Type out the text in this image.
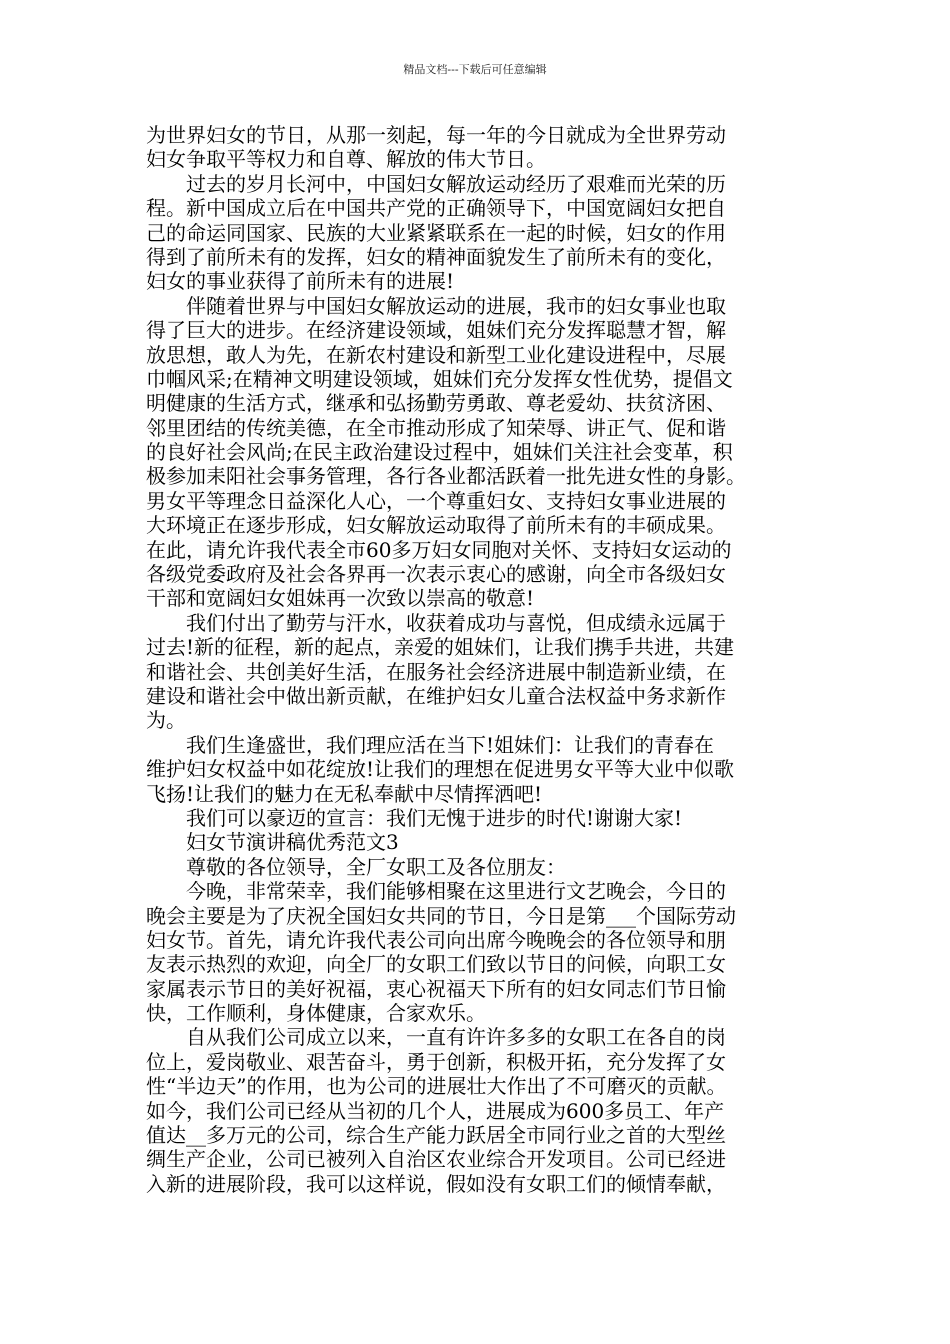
精品文档---下载后可任意编辑
为世界妇女的节日，从那一刻起，每一年的今日就成为全世界劳动
妇女争取平等权力和自尊、解放的伟大节日。
过去的岁月长河中，中国妇女解放运动经历了艰难而光荣的历
程。新中国成立后在中国共产党的正确领导下，中国宽阔妇女把自
己的命运同国家、民族的大业紧紧联系在一起的时候，妇女的作用
得到了前所未有的发挥，妇女的精神面貌发生了前所未有的变化，
妇女的事业获得了前所未有的进展!
伴随着世界与中国妇女解放运动的进展，我市的妇女事业也取
得了巨大的进步。在经济建设领域，姐妹们充分发挥聪慧才智，解
放思想，敢人为先，在新农村建设和新型工业化建设进程中，尽展
巾帼风采;在精神文明建设领域，姐妹们充分发挥女性优势，提倡文
明健康的生活方式，继承和弘扬勤劳勇敢、尊老爱幼、扶贫济困、
邻里团结的传统美德，在全市推动形成了知荣辱、讲正气、促和谐
的良好社会风尚;在民主政治建设过程中，姐妹们关注社会变革，积
极参加耒阳社会事务管理，各行各业都活跃着一批先进女性的身影。
男女平等理念日益深化人心，一个尊重妇女、支持妇女事业进展的
大环境正在逐步形成，妇女解放运动取得了前所未有的丰硕成果。
在此，请允许我代表全市60多万妇女同胞对关怀、支持妇女运动的
各级党委政府及社会各界再一次表示衷心的感谢，向全市各级妇女
干部和宽阔妇女姐妹再一次致以崇高的敬意!
我们付出了勤劳与汗水，收获着成功与喜悦，但成绩永远属于
过去!新的征程，新的起点，亲爱的姐妹们，让我们携手共进，共建
和谐社会、共创美好生活，在服务社会经济进展中制造新业绩，在
建设和谐社会中做出新贡献，在维护妇女儿童合法权益中务求新作
为。
我们生逢盛世，我们理应活在当下!姐妹们：让我们的青春在
维护妇女权益中如花绽放!让我们的理想在促进男女平等大业中似歌
飞扬!让我们的魅力在无私奉献中尽情挥洒吧!
我们可以豪迈的宣言：我们无愧于进步的时代!谢谢大家!
妇女节演讲稿优秀范文3
尊敬的各位领导，全厂女职工及各位朋友：
今晚，非常荣幸，我们能够相聚在这里进行文艺晚会，今日的
晚会主要是为了庆祝全国妇女共同的节日，今日是第___个国际劳动
妇女节。首先，请允许我代表公司向出席今晚晚会的各位领导和朋
友表示热烈的欢迎，向全厂的女职工们致以节日的问候，向职工女
家属表示节日的美好祝福，衷心祝福天下所有的妇女同志们节日愉
快，工作顺利，身体健康，合家欢乐。
自从我们公司成立以来，一直有许许多多的女职工在各自的岗
位上，爱岗敬业、艰苦奋斗，勇于创新，积极开拓，充分发挥了女
性“半边天”的作用，也为公司的进展壮大作出了不可磨灭的贡献。
如今，我们公司已经从当初的几个人，进展成为600多员工、年产
值达__多万元的公司，综合生产能力跃居全市同行业之首的大型丝
绸生产企业，公司已被列入自治区农业综合开发项目。公司已经进
入新的进展阶段，我可以这样说，假如没有女职工们的倾情奉献，
